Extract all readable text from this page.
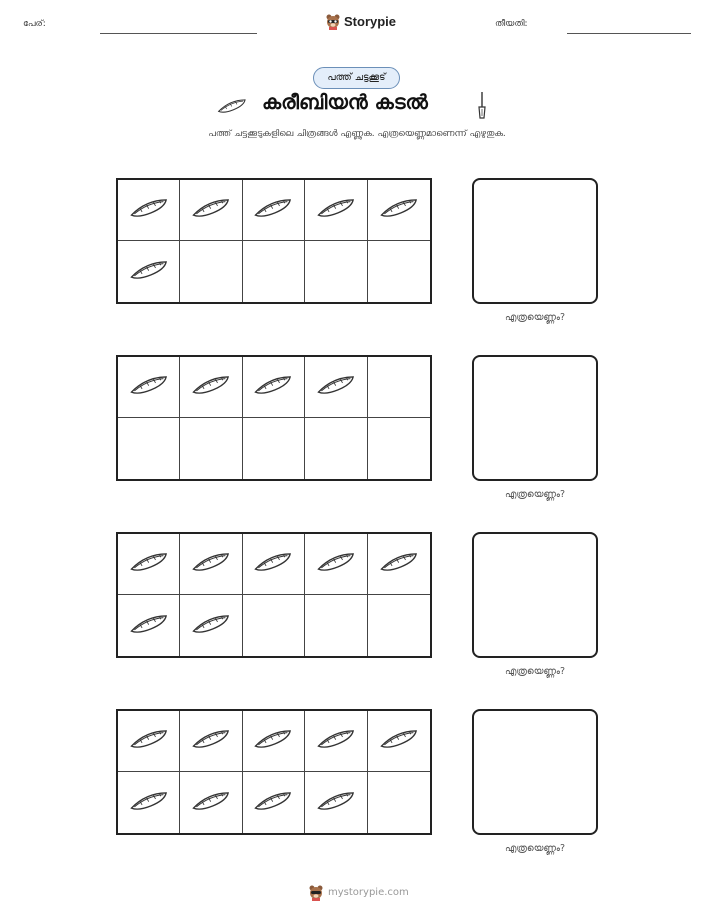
പേര്:	Storypie	തീയതി:
പത്ത് ചട്ടക്കൂട്
കരീബിയൻ കടൽ
പത്ത് ചട്ടക്കൂടുകളിലെ ചിത്രങ്ങൾ എണ്ണുക. എത്രയെണ്ണമാണെന്ന് എഴുതുക.
എത്രയെണ്ണം?
എത്രയെണ്ണം?
എത്രയെണ്ണം?
എത്രയെണ്ണം?
mystorypie.com
